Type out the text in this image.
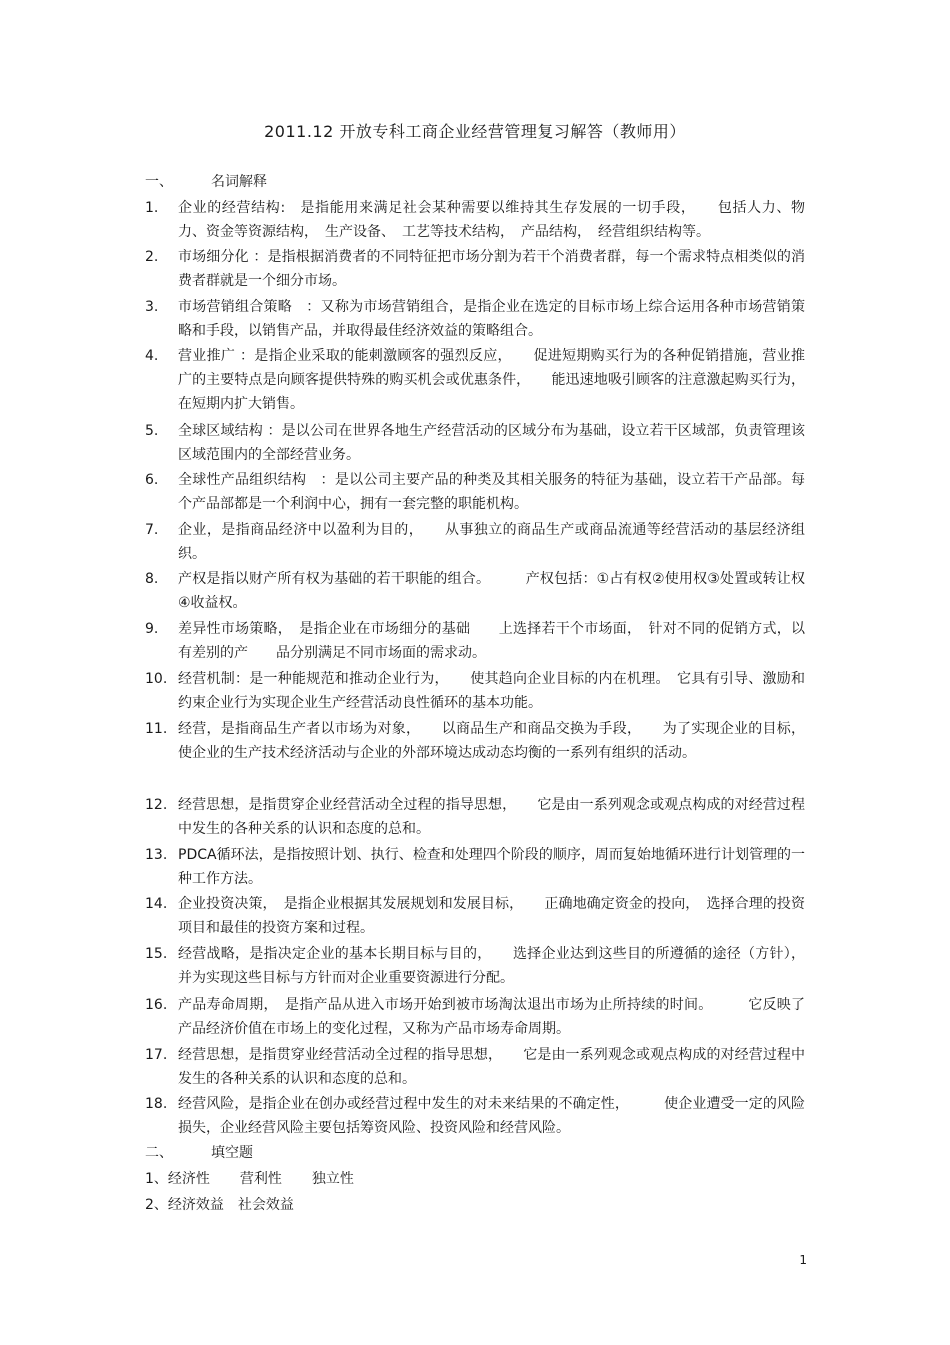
2011.12 开放专科工商企业经营管理复习解答（教师用）
一、	名词解释
1. 企业的经营结构:　是指能用来满足社会某种需要以维持其生存发展的一切手段，　　包括人力、物力、资金等资源结构，　生产设备、　工艺等技术结构，　产品结构，　经营组织结构等。
2. 市场细分化 ：是指根据消费者的不同特征把市场分割为若干个消费者群，每一个需求特点相类似的消费者群就是一个细分市场。
3. 市场营销组合策略　：又称为市场营销组合，是指企业在选定的目标市场上综合运用各种市场营销策略和手段，以销售产品，并取得最佳经济效益的策略组合。
4. 营业推广 ：是指企业采取的能刺激顾客的强烈反应，　　促进短期购买行为的各种促销措施，营业推广的主要特点是向顾客提供特殊的购买机会或优惠条件，　　能迅速地吸引顾客的注意激起购买行为，在短期内扩大销售。
5. 全球区域结构 ：是以公司在世界各地生产经营活动的区域分布为基础，设立若干区域部，负责管理该区域范围内的全部经营业务。
6. 全球性产品组织结构　：是以公司主要产品的种类及其相关服务的特征为基础，设立若干产品部。每个产品部都是一个利润中心，拥有一套完整的职能机构。
7. 企业，是指商品经济中以盈利为目的，　　从事独立的商品生产或商品流通等经营活动的基层经济组织。
8. 产权是指以财产所有权为基础的若干职能的组合。　　　产权包括：①占有权②使用权③处置或转让权④收益权。
9. 差异性市场策略，　是指企业在市场细分的基础　　上选择若干个市场面，　针对不同的促销方式，以有差别的产　　品分别满足不同市场面的需求动。
10. 经营机制：是一种能规范和推动企业行为，　　使其趋向企业目标的内在机理。　它具有引导、激励和约束企业行为实现企业生产经营活动良性循环的基本功能。
11. 经营，是指商品生产者以市场为对象，　　以商品生产和商品交换为手段，　　为了实现企业的目标，使企业的生产技术经济活动与企业的外部环境达成动态均衡的一系列有组织的活动。
12. 经营思想，是指贯穿企业经营活动全过程的指导思想，　　它是由一系列观念或观点构成的对经营过程中发生的各种关系的认识和态度的总和。
13. PDCA循环法，是指按照计划、执行、检查和处理四个阶段的顺序，周而复始地循环进行计划管理的一种工作方法。
14. 企业投资决策，　是指企业根据其发展规划和发展目标，　　正确地确定资金的投向，　选择合理的投资项目和最佳的投资方案和过程。
15. 经营战略，是指决定企业的基本长期目标与目的，　　选择企业达到这些目的所遵循的途径（方针），并为实现这些目标与方针而对企业重要资源进行分配。
16. 产品寿命周期，　是指产品从进入市场开始到被市场淘汰退出市场为止所持续的时间。　　　它反映了产品经济价值在市场上的变化过程，又称为产品市场寿命周期。
17. 经营思想，是指贯穿业经营活动全过程的指导思想，　　它是由一系列观念或观点构成的对经营过程中发生的各种关系的认识和态度的总和。
18. 经营风险，是指企业在创办或经营过程中发生的对未来结果的不确定性，　　　使企业遭受一定的风险损失，企业经营风险主要包括筹资风险、投资风险和经营风险。
二、	填空题
1、经济性 营利性 独立性
2、经济效益 社会效益
1
